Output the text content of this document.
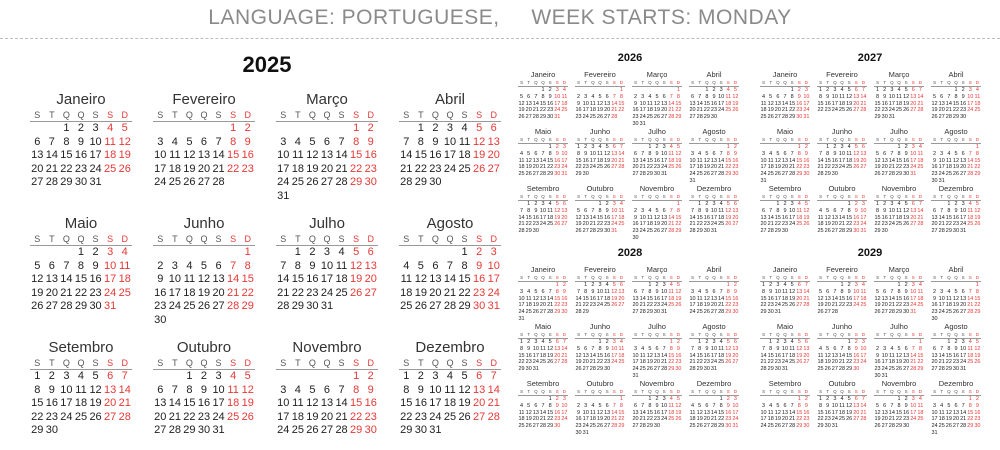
LANGUAGE: PORTUGUESE,     WEEK STARTS: MONDAY
2025
Janeiro
S T Q Q S S D
1 2 3 4 5
6 7 8 9 10 11 12
13 14 15 16 17 18 19
20 21 22 23 24 25 26
27 28 29 30 31
Fevereiro
S T Q Q S S D
1 2
3 4 5 6 7 8 9
10 11 12 13 14 15 16
17 18 19 20 21 22 23
24 25 26 27 28
Março
S T Q Q S S D
1 2
3 4 5 6 7 8 9
10 11 12 13 14 15 16
17 18 19 20 21 22 23
24 25 26 27 28 29 30
31
Abril
S T Q Q S S D
1 2 3 4 5 6
7 8 9 10 11 12 13
14 15 16 17 18 19 20
21 22 23 24 25 26 27
28 29 30
Maio
S T Q Q S S D
1 2 3 4
5 6 7 8 9 10 11
12 13 14 15 16 17 18
19 20 21 22 23 24 25
26 27 28 29 30 31
Junho
S T Q Q S S D
1
2 3 4 5 6 7 8
9 10 11 12 13 14 15
16 17 18 19 20 21 22
23 24 25 26 27 28 29
30
Julho
S T Q Q S S D
1 2 3 4 5 6
7 8 9 10 11 12 13
14 15 16 17 18 19 20
21 22 23 24 25 26 27
28 29 30 31
Agosto
S T Q Q S S D
1 2 3
4 5 6 7 8 9 10
11 12 13 14 15 16 17
18 19 20 21 22 23 24
25 26 27 28 29 30 31
Setembro
S T Q Q S S D
1 2 3 4 5 6 7
8 9 10 11 12 13 14
15 16 17 18 19 20 21
22 23 24 25 26 27 28
29 30
Outubro
S T Q Q S S D
1 2 3 4 5
6 7 8 9 10 11 12
13 14 15 16 17 18 19
20 21 22 23 24 25 26
27 28 29 30 31
Novembro
S T Q Q S S D
1 2
3 4 5 6 7 8 9
10 11 12 13 14 15 16
17 18 19 20 21 22 23
24 25 26 27 28 29 30
Dezembro
S T Q Q S S D
1 2 3 4 5 6 7
8 9 10 11 12 13 14
15 16 17 18 19 20 21
22 23 24 25 26 27 28
29 30 31
2026
Janeiro
S T Q Q S S D
1 2 3 4
5 6 7 8 9 10 11
12 13 14 15 16 17 18
19 20 21 22 23 24 25
26 27 28 29 30 31
Fevereiro
S T Q Q S S D
1
2 3 4 5 6 7 8
9 10 11 12 13 14 15
16 17 18 19 20 21 22
23 24 25 26 27 28
Março
S T Q Q S S D
1
2 3 4 5 6 7 8
9 10 11 12 13 14 15
16 17 18 19 20 21 22
23 24 25 26 27 28 29
30 31
Abril
S T Q Q S S D
1 2 3 4 5
6 7 8 9 10 11 12
13 14 15 16 17 18 19
20 21 22 23 24 25 26
27 28 29 30
Maio
S T Q Q S S D
1 2 3
4 5 6 7 8 9 10
11 12 13 14 15 16 17
18 19 20 21 22 23 24
25 26 27 28 29 30 31
Junho
S T Q Q S S D
1 2 3 4 5 6 7
8 9 10 11 12 13 14
15 16 17 18 19 20 21
22 23 24 25 26 27 28
29 30
Julho
S T Q Q S S D
1 2 3 4 5
6 7 8 9 10 11 12
13 14 15 16 17 18 19
20 21 22 23 24 25 26
27 28 29 30 31
Agosto
S T Q Q S S D
1 2
3 4 5 6 7 8 9
10 11 12 13 14 15 16
17 18 19 20 21 22 23
24 25 26 27 28 29 30
31
Setembro
S T Q Q S S D
1 2 3 4 5 6
7 8 9 10 11 12 13
14 15 16 17 18 19 20
21 22 23 24 25 26 27
28 29 30
Outubro
S T Q Q S S D
1 2 3 4
5 6 7 8 9 10 11
12 13 14 15 16 17 18
19 20 21 22 23 24 25
26 27 28 29 30 31
Novembro
S T Q Q S S D
1
2 3 4 5 6 7 8
9 10 11 12 13 14 15
16 17 18 19 20 21 22
23 24 25 26 27 28 29
30
Dezembro
S T Q Q S S D
1 2 3 4 5 6
7 8 9 10 11 12 13
14 15 16 17 18 19 20
21 22 23 24 25 26 27
28 29 30 31
2027
Janeiro
S T Q Q S S D
1 2 3
4 5 6 7 8 9 10
11 12 13 14 15 16 17
18 19 20 21 22 23 24
25 26 27 28 29 30 31
Fevereiro
S T Q Q S S D
1 2 3 4 5 6 7
8 9 10 11 12 13 14
15 16 17 18 19 20 21
22 23 24 25 26 27 28
Março
S T Q Q S S D
1 2 3 4 5 6 7
8 9 10 11 12 13 14
15 16 17 18 19 20 21
22 23 24 25 26 27 28
29 30 31
Abril
S T Q Q S S D
1 2 3 4
5 6 7 8 9 10 11
12 13 14 15 16 17 18
19 20 21 22 23 24 25
26 27 28 29 30
Maio
S T Q Q S S D
1 2
3 4 5 6 7 8 9
10 11 12 13 14 15 16
17 18 19 20 21 22 23
24 25 26 27 28 29 30
31
Junho
S T Q Q S S D
1 2 3 4 5 6
7 8 9 10 11 12 13
14 15 16 17 18 19 20
21 22 23 24 25 26 27
28 29 30
Julho
S T Q Q S S D
1 2 3 4
5 6 7 8 9 10 11
12 13 14 15 16 17 18
19 20 21 22 23 24 25
26 27 28 29 30 31
Agosto
S T Q Q S S D
1
2 3 4 5 6 7 8
9 10 11 12 13 14 15
16 17 18 19 20 21 22
23 24 25 26 27 28 29
30 31
Setembro
S T Q Q S S D
1 2 3 4 5
6 7 8 9 10 11 12
13 14 15 16 17 18 19
20 21 22 23 24 25 26
27 28 29 30
Outubro
S T Q Q S S D
1 2 3
4 5 6 7 8 9 10
11 12 13 14 15 16 17
18 19 20 21 22 23 24
25 26 27 28 29 30 31
Novembro
S T Q Q S S D
1 2 3 4 5 6 7
8 9 10 11 12 13 14
15 16 17 18 19 20 21
22 23 24 25 26 27 28
29 30
Dezembro
S T Q Q S S D
1 2 3 4 5
6 7 8 9 10 11 12
13 14 15 16 17 18 19
20 21 22 23 24 25 26
27 28 29 30 31
2028
Janeiro
S T Q Q S S D
1 2
3 4 5 6 7 8 9
10 11 12 13 14 15 16
17 18 19 20 21 22 23
24 25 26 27 28 29 30
31
Fevereiro
S T Q Q S S D
1 2 3 4 5 6
7 8 9 10 11 12 13
14 15 16 17 18 19 20
21 22 23 24 25 26 27
28 29
Março
S T Q Q S S D
1 2 3 4 5
6 7 8 9 10 11 12
13 14 15 16 17 18 19
20 21 22 23 24 25 26
27 28 29 30 31
Abril
S T Q Q S S D
1 2
3 4 5 6 7 8 9
10 11 12 13 14 15 16
17 18 19 20 21 22 23
24 25 26 27 28 29 30
Maio
S T Q Q S S D
1 2 3 4 5 6 7
8 9 10 11 12 13 14
15 16 17 18 19 20 21
22 23 24 25 26 27 28
29 30 31
Junho
S T Q Q S S D
1 2 3 4
5 6 7 8 9 10 11
12 13 14 15 16 17 18
19 20 21 22 23 24 25
26 27 28 29 30
Julho
S T Q Q S S D
1 2
3 4 5 6 7 8 9
10 11 12 13 14 15 16
17 18 19 20 21 22 23
24 25 26 27 28 29 30
31
Agosto
S T Q Q S S D
1 2 3 4 5 6
7 8 9 10 11 12 13
14 15 16 17 18 19 20
21 22 23 24 25 26 27
28 29 30 31
Setembro
S T Q Q S S D
1 2 3
4 5 6 7 8 9 10
11 12 13 14 15 16 17
18 19 20 21 22 23 24
25 26 27 28 29 30
Outubro
S T Q Q S S D
1
2 3 4 5 6 7 8
9 10 11 12 13 14 15
16 17 18 19 20 21 22
23 24 25 26 27 28 29
30 31
Novembro
S T Q Q S S D
1 2 3 4 5
6 7 8 9 10 11 12
13 14 15 16 17 18 19
20 21 22 23 24 25 26
27 28 29 30
Dezembro
S T Q Q S S D
1 2 3
4 5 6 7 8 9 10
11 12 13 14 15 16 17
18 19 20 21 22 23 24
25 26 27 28 29 30 31
2029
Janeiro
S T Q Q S S D
1 2 3 4 5 6 7
8 9 10 11 12 13 14
15 16 17 18 19 20 21
22 23 24 25 26 27 28
29 30 31
Fevereiro
S T Q Q S S D
1 2 3 4
5 6 7 8 9 10 11
12 13 14 15 16 17 18
19 20 21 22 23 24 25
26 27 28
Março
S T Q Q S S D
1 2 3 4
5 6 7 8 9 10 11
12 13 14 15 16 17 18
19 20 21 22 23 24 25
26 27 28 29 30 31
Abril
S T Q Q S S D
1
2 3 4 5 6 7 8
9 10 11 12 13 14 15
16 17 18 19 20 21 22
23 24 25 26 27 28 29
30
Maio
S T Q Q S S D
1 2 3 4 5 6
7 8 9 10 11 12 13
14 15 16 17 18 19 20
21 22 23 24 25 26 27
28 29 30 31
Junho
S T Q Q S S D
1 2 3
4 5 6 7 8 9 10
11 12 13 14 15 16 17
18 19 20 21 22 23 24
25 26 27 28 29 30
Julho
S T Q Q S S D
1
2 3 4 5 6 7 8
9 10 11 12 13 14 15
16 17 18 19 20 21 22
23 24 25 26 27 28 29
30 31
Agosto
S T Q Q S S D
1 2 3 4 5
6 7 8 9 10 11 12
13 14 15 16 17 18 19
20 21 22 23 24 25 26
27 28 29 30 31
Setembro
S T Q Q S S D
1 2
3 4 5 6 7 8 9
10 11 12 13 14 15 16
17 18 19 20 21 22 23
24 25 26 27 28 29 30
Outubro
S T Q Q S S D
1 2 3 4 5 6 7
8 9 10 11 12 13 14
15 16 17 18 19 20 21
22 23 24 25 26 27 28
29 30 31
Novembro
S T Q Q S S D
1 2 3 4
5 6 7 8 9 10 11
12 13 14 15 16 17 18
19 20 21 22 23 24 25
26 27 28 29 30
Dezembro
S T Q Q S S D
1 2
3 4 5 6 7 8 9
10 11 12 13 14 15 16
17 18 19 20 21 22 23
24 25 26 27 28 29 30
31
